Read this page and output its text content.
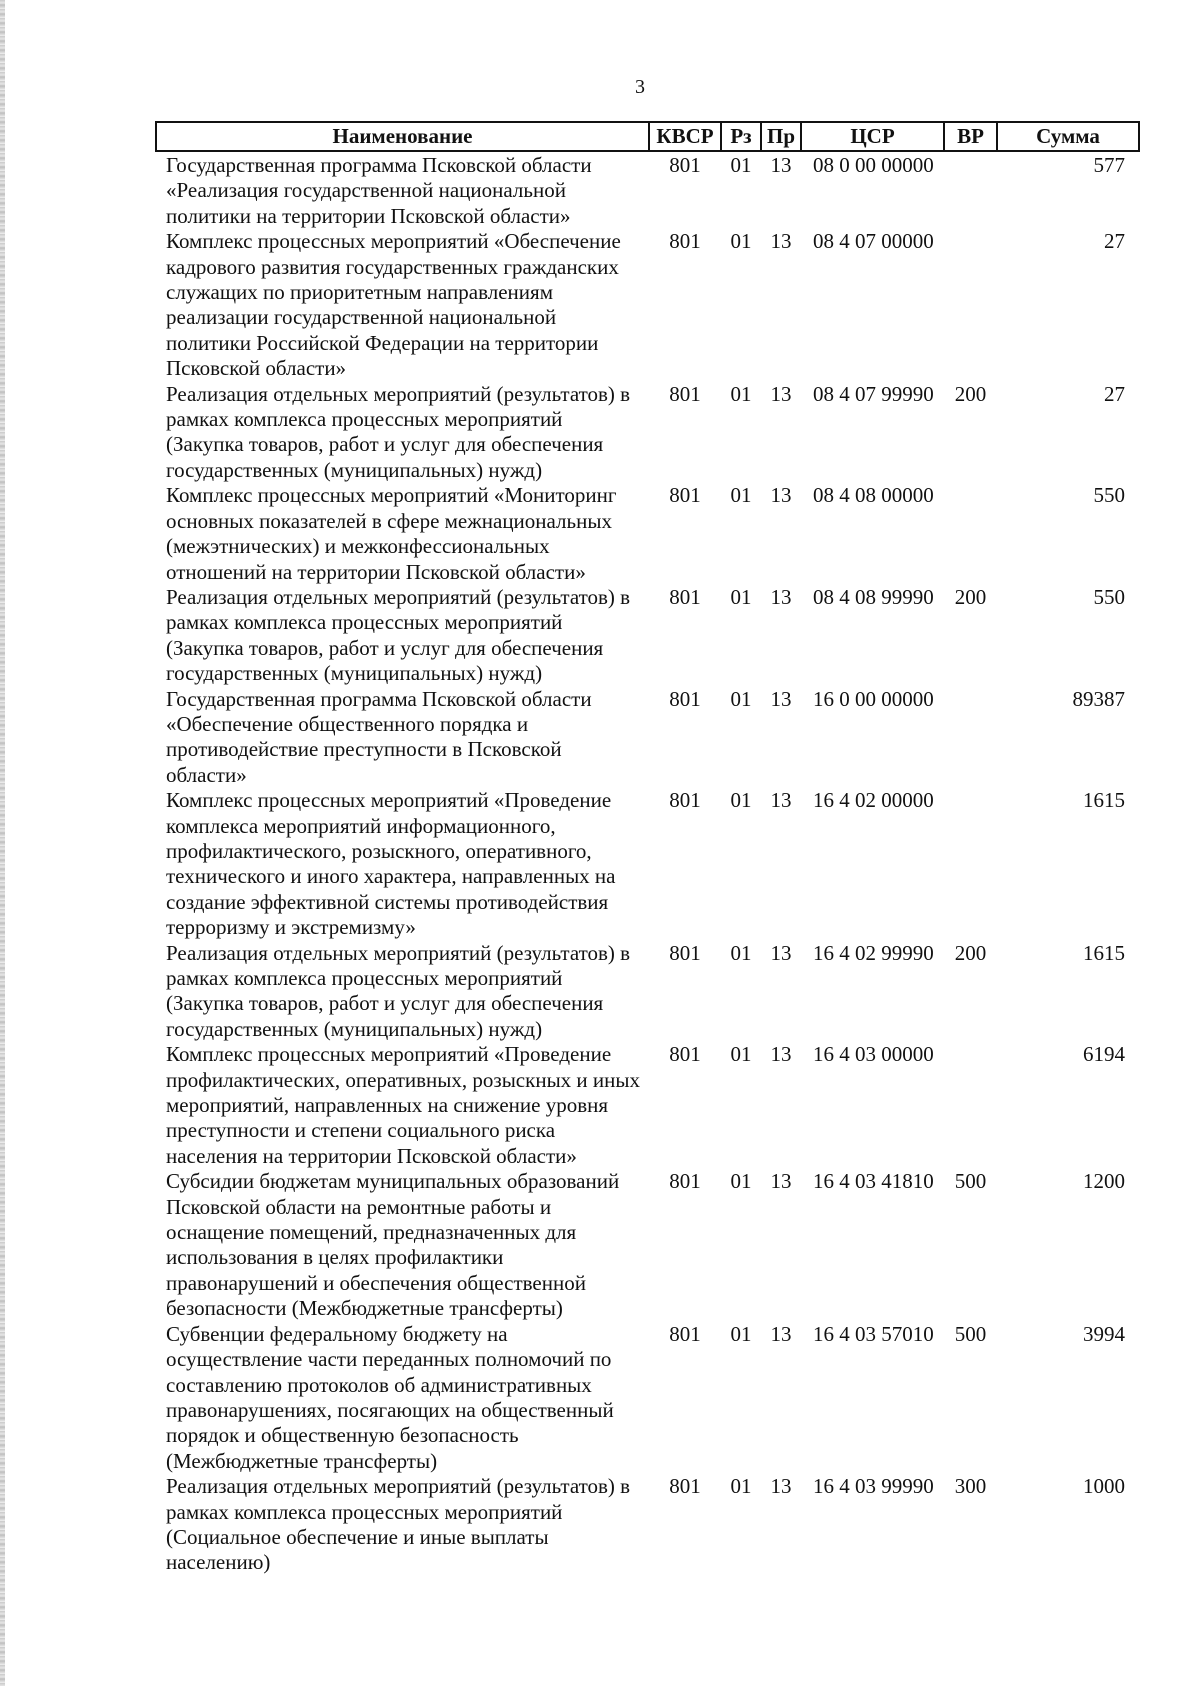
3
Наименование	КВСР	Рз	Пр	ЦСР	ВР	Сумма
Государственная программа Псковской области «Реализация государственной национальной политики на территории Псковской области»	801	01	13	08 0 00 00000		577
Комплекс процессных мероприятий «Обеспечение кадрового развития государственных гражданских служащих по приоритетным направлениям реализации государственной национальной политики Российской Федерации на территории Псковской области»	801	01	13	08 4 07 00000		27
Реализация отдельных мероприятий (результатов) в рамках комплекса процессных мероприятий (Закупка товаров, работ и услуг для обеспечения государственных (муниципальных) нужд)	801	01	13	08 4 07 99990	200	27
Комплекс процессных мероприятий «Мониторинг основных показателей в сфере межнациональных (межэтнических) и межконфессиональных отношений на территории Псковской области»	801	01	13	08 4 08 00000		550
Реализация отдельных мероприятий (результатов) в рамках комплекса процессных мероприятий (Закупка товаров, работ и услуг для обеспечения государственных (муниципальных) нужд)	801	01	13	08 4 08 99990	200	550
Государственная программа Псковской области «Обеспечение общественного порядка и противодействие преступности в Псковской области»	801	01	13	16 0 00 00000		89387
Комплекс процессных мероприятий «Проведение комплекса мероприятий информационного, профилактического, розыскного, оперативного, технического и иного характера, направленных на создание эффективной системы противодействия терроризму и экстремизму»	801	01	13	16 4 02 00000		1615
Реализация отдельных мероприятий (результатов) в рамках комплекса процессных мероприятий (Закупка товаров, работ и услуг для обеспечения государственных (муниципальных) нужд)	801	01	13	16 4 02 99990	200	1615
Комплекс процессных мероприятий «Проведение профилактических, оперативных, розыскных и иных мероприятий, направленных на снижение уровня преступности и степени социального риска населения на территории Псковской области»	801	01	13	16 4 03 00000		6194
Субсидии бюджетам муниципальных образований Псковской области на ремонтные работы и оснащение помещений, предназначенных для использования в целях профилактики правонарушений и обеспечения общественной безопасности (Межбюджетные трансферты)	801	01	13	16 4 03 41810	500	1200
Субвенции федеральному бюджету на осуществление части переданных полномочий по составлению протоколов об административных правонарушениях, посягающих на общественный порядок и общественную безопасность (Межбюджетные трансферты)	801	01	13	16 4 03 57010	500	3994
Реализация отдельных мероприятий (результатов) в рамках комплекса процессных мероприятий (Социальное обеспечение и иные выплаты населению)	801	01	13	16 4 03 99990	300	1000
